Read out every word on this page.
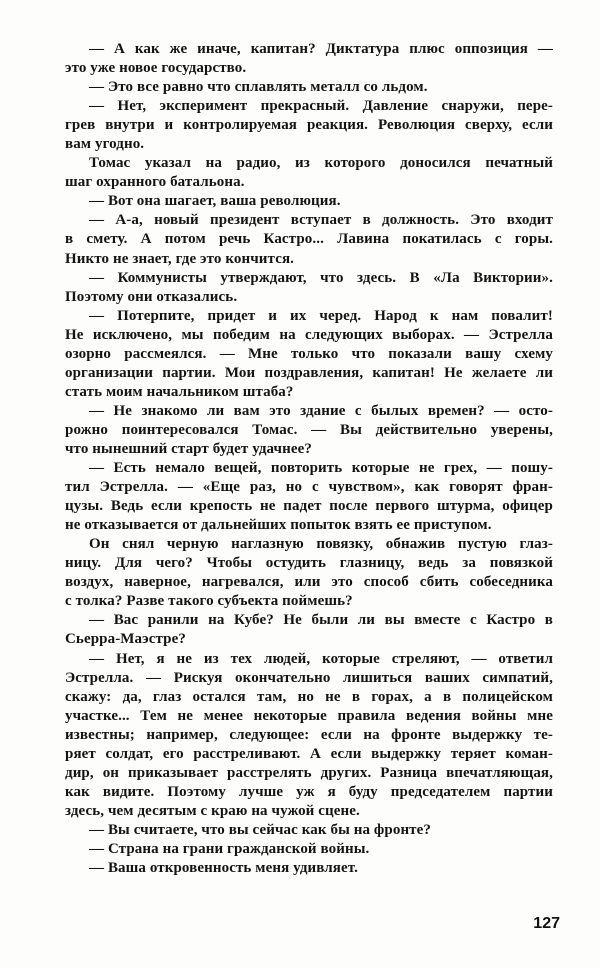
— А как же иначе, капитан? Диктатура плюс оппозиция —
это уже новое государство.
— Это все равно что сплавлять металл со льдом.
— Нет, эксперимент прекрасный. Давление снаружи, пере-
грев внутри и контролируемая реакция. Революция сверху, если
вам угодно.
Томас указал на радио, из которого доносился печатный
шаг охранного батальона.
— Вот она шагает, ваша революция.
— А-а, новый президент вступает в должность. Это входит
в смету. А потом речь Кастро... Лавина покатилась с горы.
Никто не знает, где это кончится.
— Коммунисты утверждают, что здесь. В «Ла Виктории».
Поэтому они отказались.
— Потерпите, придет и их черед. Народ к нам повалит!
Не исключено, мы победим на следующих выборах. — Эстрелла
озорно рассмеялся. — Мне только что показали вашу схему
организации партии. Мои поздравления, капитан! Не желаете ли
стать моим начальником штаба?
— Не знакомо ли вам это здание с былых времен? — осто-
рожно поинтересовался Томас. — Вы действительно уверены,
что нынешний старт будет удачнее?
— Есть немало вещей, повторить которые не грех, — пошу-
тил Эстрелла. — «Еще раз, но с чувством», как говорят фран-
цузы. Ведь если крепость не падет после первого штурма, офицер
не отказывается от дальнейших попыток взять ее приступом.
Он снял черную наглазную повязку, обнажив пустую глаз-
ницу. Для чего? Чтобы остудить глазницу, ведь за повязкой
воздух, наверное, нагревался, или это способ сбить собеседника
с толка? Разве такого субъекта поймешь?
— Вас ранили на Кубе? Не были ли вы вместе с Кастро в
Сьерра-Маэстре?
— Нет, я не из тех людей, которые стреляют, — ответил
Эстрелла. — Рискуя окончательно лишиться ваших симпатий,
скажу: да, глаз остался там, но не в горах, а в полицейском
участке... Тем не менее некоторые правила ведения войны мне
известны; например, следующее: если на фронте выдержку те-
ряет солдат, его расстреливают. А если выдержку теряет коман-
дир, он приказывает расстрелять других. Разница впечатляющая,
как видите. Поэтому лучше уж я буду председателем партии
здесь, чем десятым с краю на чужой сцене.
— Вы считаете, что вы сейчас как бы на фронте?
— Страна на грани гражданской войны.
— Ваша откровенность меня удивляет.
127
